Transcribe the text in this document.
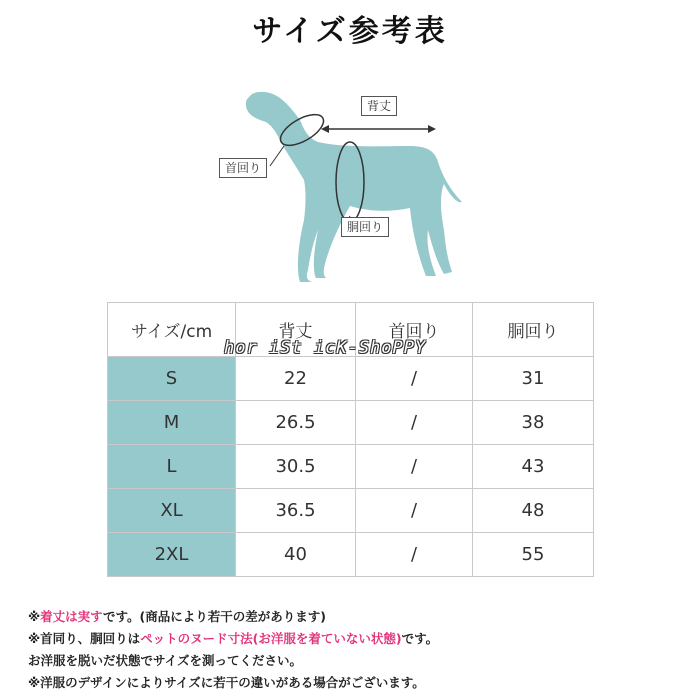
サイズ参考表
背丈
首回り
胴回り
サイズ/cm	背丈	首回り	胴回り
S	22	/	31
M	26.5	/	38
L	30.5	/	43
XL	36.5	/	48
2XL	40	/	55
hor iSt icK-ShoPPY
※着丈は実すです。(商品により若干の差があります)
※首同り、胴回りはペットのヌード寸法(お洋服を着ていない状態)です。
お洋服を脱いだ状態でサイズを測ってください。
※洋服のデザインによりサイズに若干の違いがある場合がございます。
